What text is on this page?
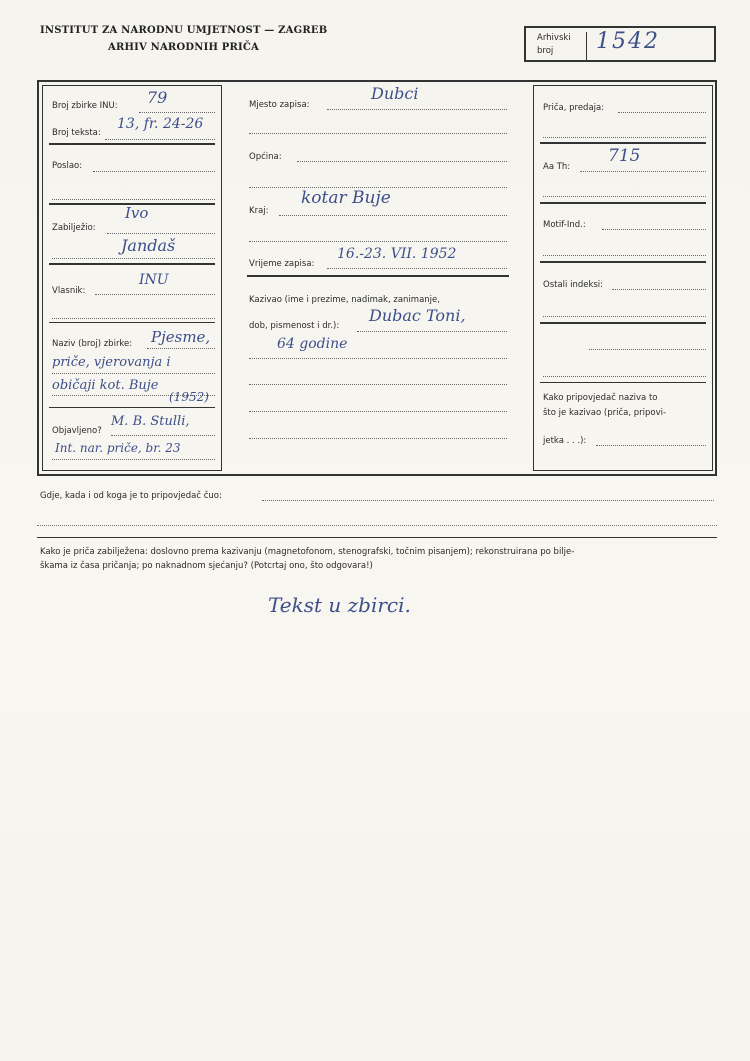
INSTITUT ZA NARODNU UMJETNOST — ZAGREB
ARHIV NARODNIH PRIČA
Arhivski
broj	1542
Broj zbirke INU: 79
Broj teksta:
13, fr. 24-26
Poslao:
Zabilježio:
Ivo
Jandaš
Vlasnik:
INU
Naziv (broj) zbirke: Pjesme,
priče, vjerovanja i
običaji kot. Buje
(1952)
Objavljeno?
M. B. Stulli,
Int. nar. priče, br. 23
Mjesto zapisa:
Dubci
Općina:
Kraj:
kotar Buje
Vrijeme zapisa:
16.-23. VII. 1952
Kazivao (ime i prezime, nadimak, zanimanje,
dob, pismenost i dr.):
Dubac Toni,
64 godine
Priča, predaja:
Aa Th:
715
Motif-Ind.:
Ostali indeksi:
Kako pripovjedač naziva to
što je kazivao (priča, pripovi-
jetka . . .):
Gdje, kada i od koga je to pripovjedač čuo:
Kako je priča zabilježena: doslovno prema kazivanju (magnetofonom, stenografski, točnim pisanjem); rekonstruirana po bilje-
škama iz časa pričanja; po naknadnom sjećanju? (Potcrtaj ono, što odgovara!)
Tekst u zbirci.
